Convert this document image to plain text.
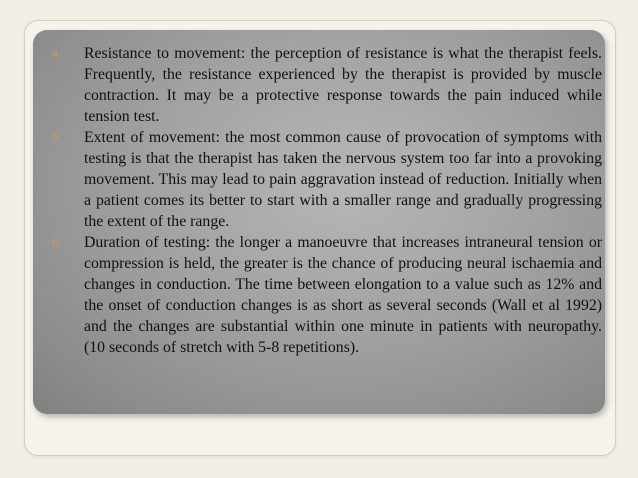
4.	Resistance to movement: the perception of resistance is what the therapist feels. Frequently, the resistance experienced by the therapist is provided by muscle contraction. It may be a protective response towards the pain induced while tension test.
5.	Extent of movement: the most common cause of provocation of symptoms with testing is that the therapist has taken the nervous system too far into a provoking movement. This may lead to pain aggravation instead of reduction. Initially when a patient comes its better to start with a smaller range and gradually progressing the extent of the range.
6.	Duration of testing: the longer a manoeuvre that increases intraneural tension or compression is held, the greater is the chance of producing neural ischaemia and changes in conduction. The time between elongation to a value such as 12% and the onset of conduction changes is as short as several seconds (Wall et al 1992) and the changes are substantial within one minute in patients with neuropathy. (10 seconds of stretch with 5-8 repetitions).
